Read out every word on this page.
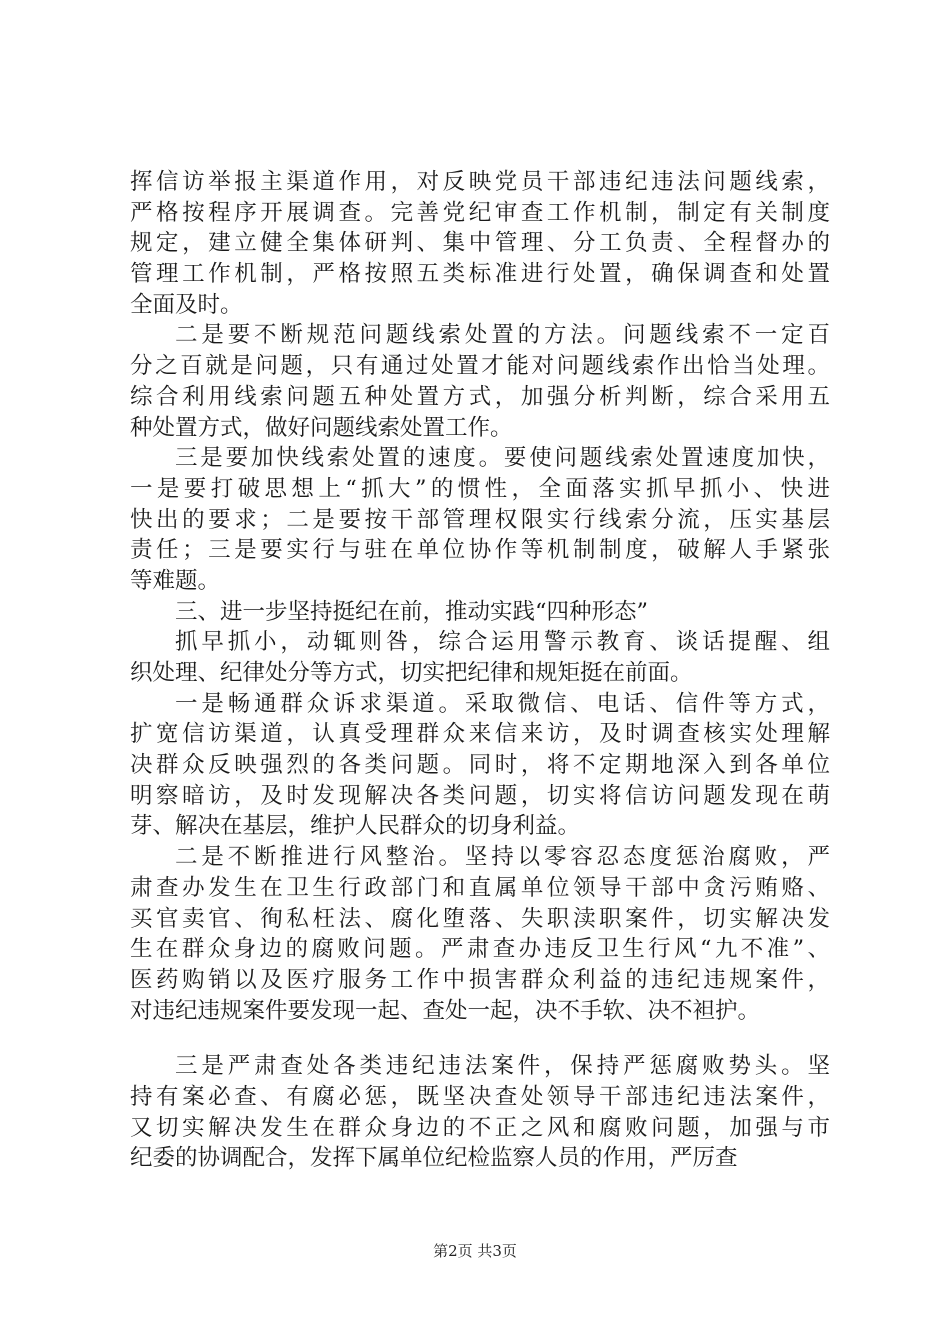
挥信访举报主渠道作用，对反映党员干部违纪违法问题线索，
严格按程序开展调查。完善党纪审查工作机制，制定有关制度
规定，建立健全集体研判、集中管理、分工负责、全程督办的
管理工作机制，严格按照五类标准进行处置，确保调查和处置
全面及时。
二是要不断规范问题线索处置的方法。问题线索不一定百
分之百就是问题，只有通过处置才能对问题线索作出恰当处理。
综合利用线索问题五种处置方式，加强分析判断，综合采用五
种处置方式，做好问题线索处置工作。
三是要加快线索处置的速度。要使问题线索处置速度加快，
一是要打破思想上“抓大”的惯性，全面落实抓早抓小、快进
快出的要求；二是要按干部管理权限实行线索分流，压实基层
责任；三是要实行与驻在单位协作等机制制度，破解人手紧张
等难题。
三、进一步坚持挺纪在前，推动实践“四种形态”
抓早抓小，动辄则咎，综合运用警示教育、谈话提醒、组
织处理、纪律处分等方式，切实把纪律和规矩挺在前面。
一是畅通群众诉求渠道。采取微信、电话、信件等方式，
扩宽信访渠道，认真受理群众来信来访，及时调查核实处理解
决群众反映强烈的各类问题。同时，将不定期地深入到各单位
明察暗访，及时发现解决各类问题，切实将信访问题发现在萌
芽、解决在基层，维护人民群众的切身利益。
二是不断推进行风整治。坚持以零容忍态度惩治腐败，严
肃查办发生在卫生行政部门和直属单位领导干部中贪污贿赂、
买官卖官、徇私枉法、腐化堕落、失职渎职案件，切实解决发
生在群众身边的腐败问题。严肃查办违反卫生行风“九不准”、
医药购销以及医疗服务工作中损害群众利益的违纪违规案件，
对违纪违规案件要发现一起、查处一起，决不手软、决不袒护。
三是严肃查处各类违纪违法案件，保持严惩腐败势头。坚
持有案必查、有腐必惩，既坚决查处领导干部违纪违法案件，
又切实解决发生在群众身边的不正之风和腐败问题，加强与市
纪委的协调配合，发挥下属单位纪检监察人员的作用，严厉查
第2页 共3页
